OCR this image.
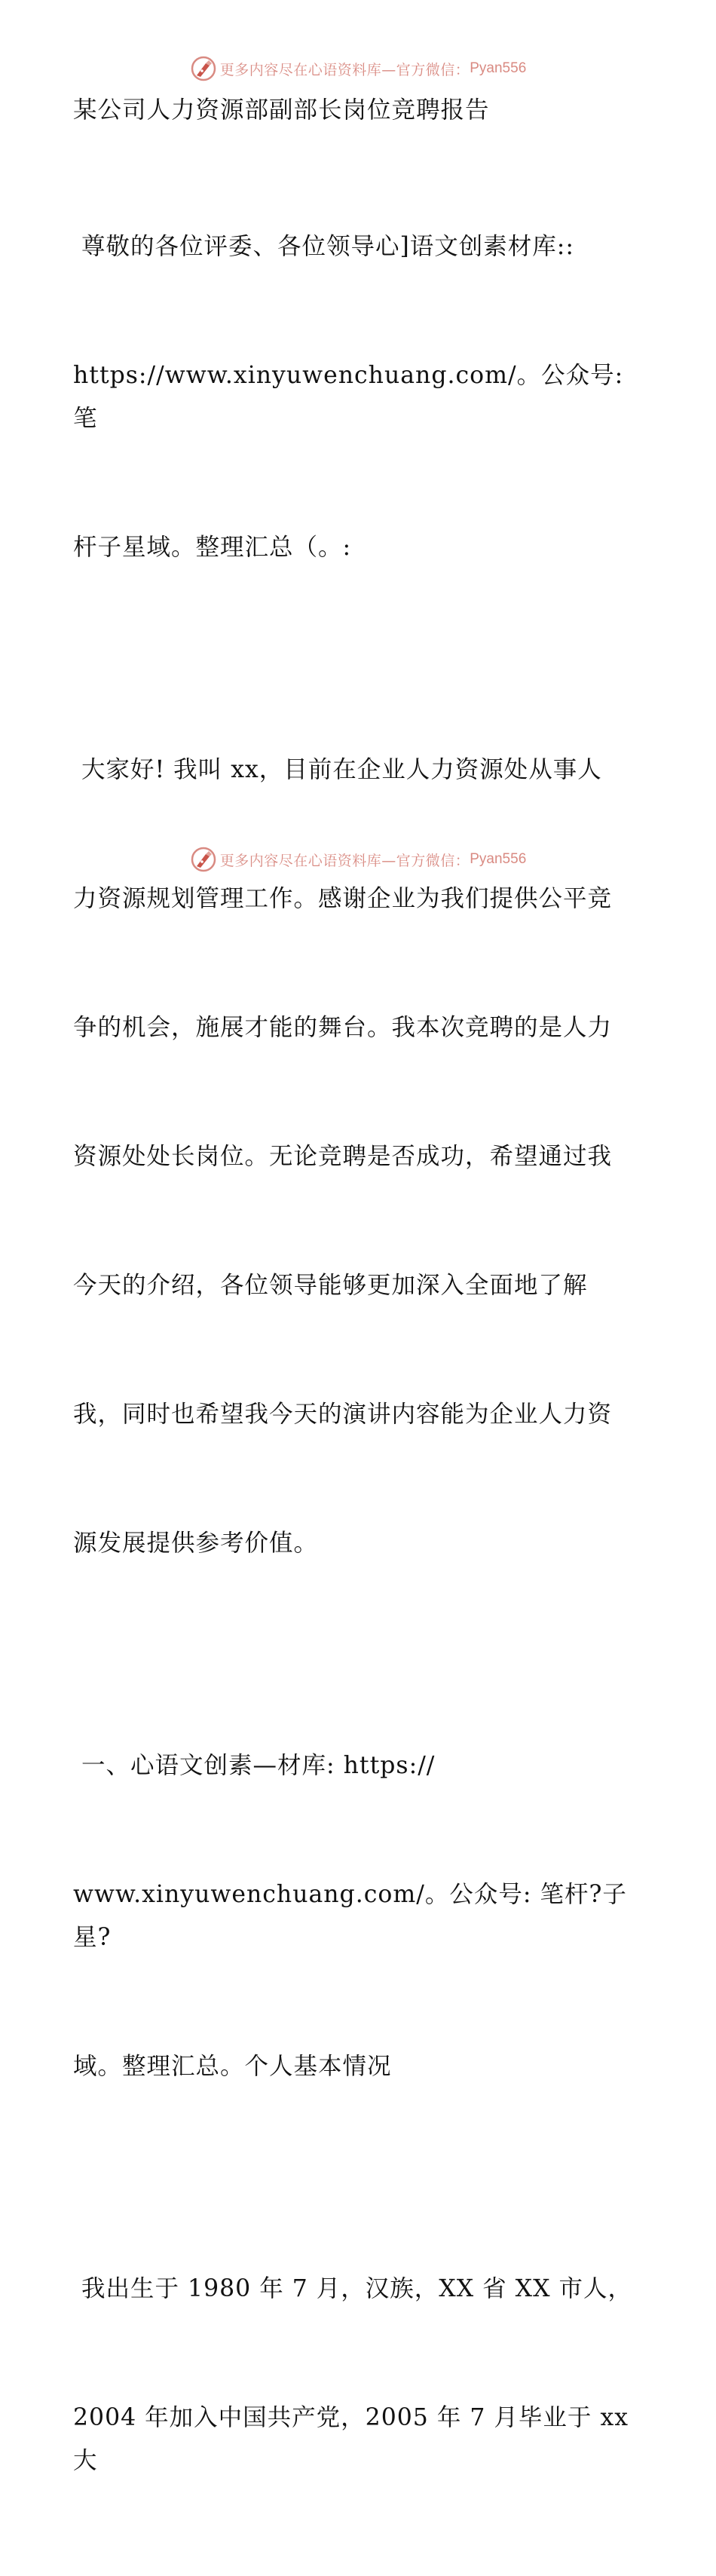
更多内容尽在心语资料库—官方微信： Pyan556
某公司人力资源部副部长岗位竞聘报告

尊敬的各位评委、各位领导心]语文创素材库::

https://www.xinyuwenchuang.com/。公众号: 笔

杆子星域。整理汇总（。:

大家好! 我叫 xx，目前在企业人力资源处从事人

力资源规划管理工作。感谢企业为我们提供公平竞

争的机会，施展才能的舞台。我本次竞聘的是人力

资源处处长岗位。无论竞聘是否成功，希望通过我

今天的介绍，各位领导能够更加深入全面地了解

我，同时也希望我今天的演讲内容能为企业人力资

源发展提供参考价值。

一、心语文创素—材库: https://

www.xinyuwenchuang.com/。公众号: 笔杆?子星?

域。整理汇总。个人基本情况

我出生于 1980 年 7 月，汉族，XX 省 XX 市人，

2004 年加入中国共产党，2005 年 7 月毕业于 xx 大

更多内容尽在心语资料库—官方微信： Pyan556
